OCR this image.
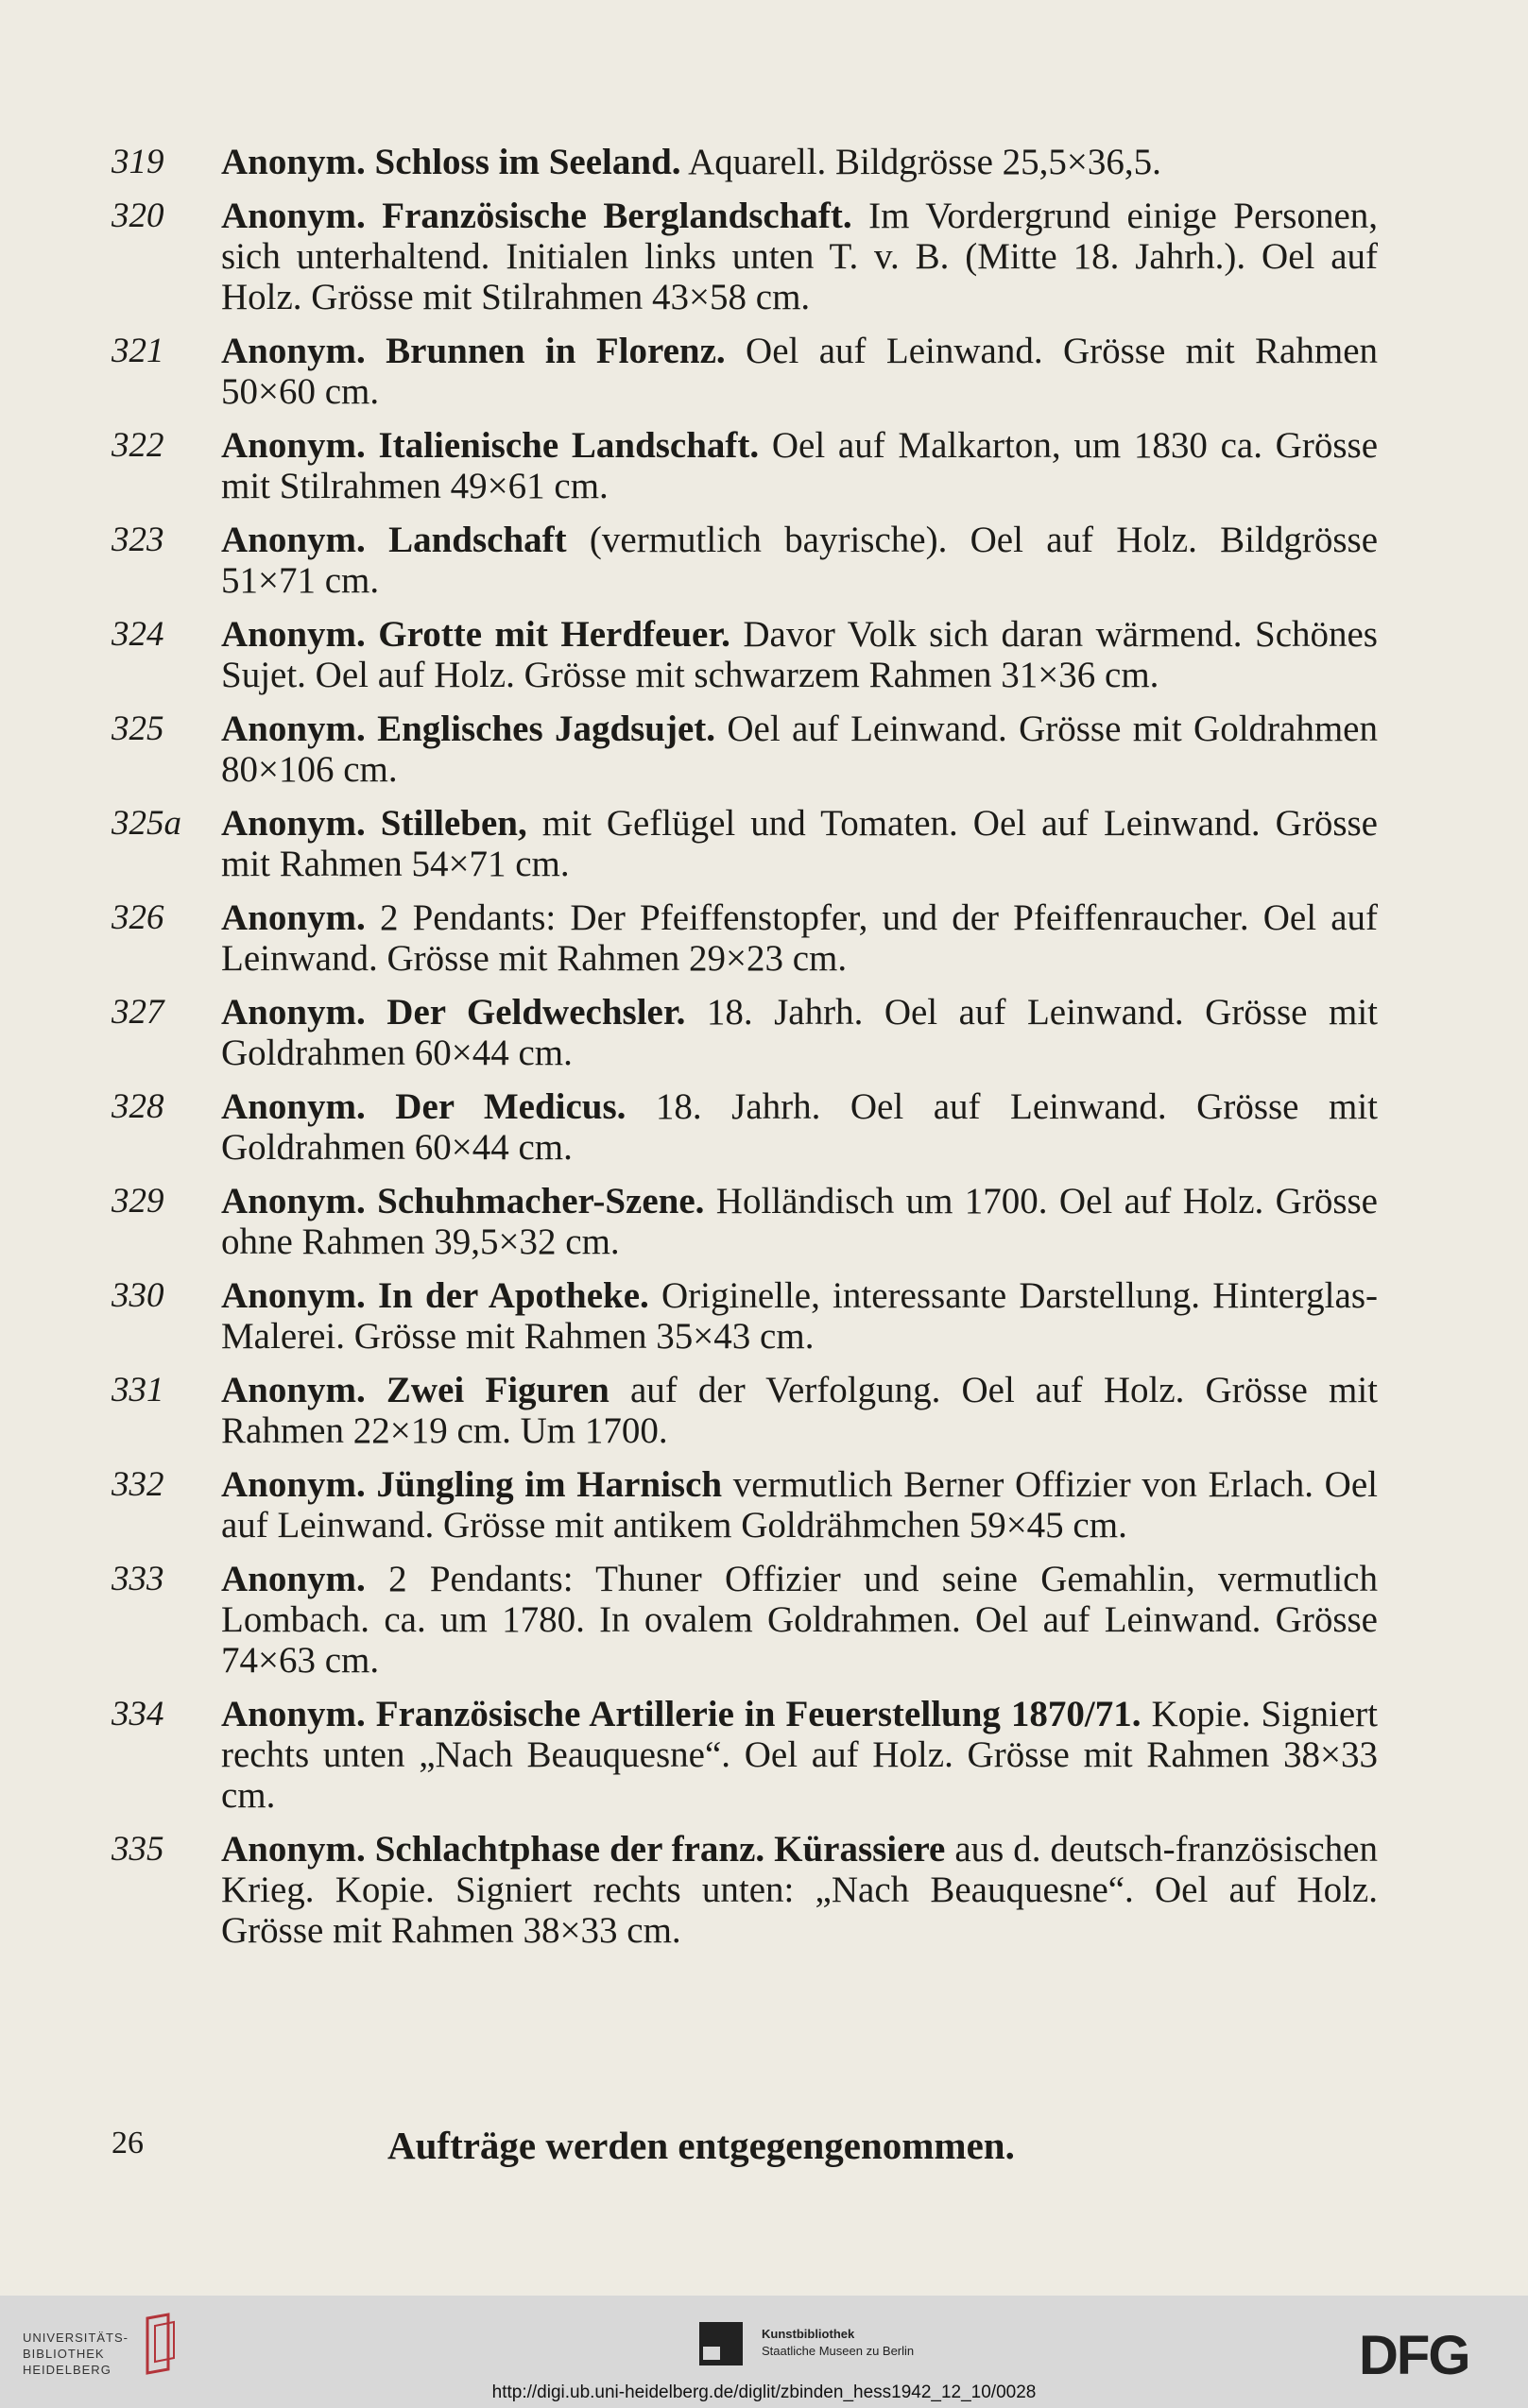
319	Anonym. Schloss im Seeland. Aquarell. Bildgrösse 25,5×36,5.
320	Anonym. Französische Berglandschaft. Im Vordergrund einige Personen, sich unterhaltend. Initialen links unten T. v. B. (Mitte 18. Jahrh.). Oel auf Holz. Grösse mit Stilrahmen 43×58 cm.
321	Anonym. Brunnen in Florenz. Oel auf Leinwand. Grösse mit Rahmen 50×60 cm.
322	Anonym. Italienische Landschaft. Oel auf Malkarton, um 1830 ca. Grösse mit Stilrahmen 49×61 cm.
323	Anonym. Landschaft (vermutlich bayrische). Oel auf Holz. Bildgrösse 51×71 cm.
324	Anonym. Grotte mit Herdfeuer. Davor Volk sich daran wärmend. Schönes Sujet. Oel auf Holz. Grösse mit schwarzem Rahmen 31×36 cm.
325	Anonym. Englisches Jagdsujet. Oel auf Leinwand. Grösse mit Goldrahmen 80×106 cm.
325a	Anonym. Stilleben, mit Geflügel und Tomaten. Oel auf Leinwand. Grösse mit Rahmen 54×71 cm.
326	Anonym. 2 Pendants: Der Pfeiffenstopfer, und der Pfeiffenraucher. Oel auf Leinwand. Grösse mit Rahmen 29×23 cm.
327	Anonym. Der Geldwechsler. 18. Jahrh. Oel auf Leinwand. Grösse mit Goldrahmen 60×44 cm.
328	Anonym. Der Medicus. 18. Jahrh. Oel auf Leinwand. Grösse mit Goldrahmen 60×44 cm.
329	Anonym. Schuhmacher-Szene. Holländisch um 1700. Oel auf Holz. Grösse ohne Rahmen 39,5×32 cm.
330	Anonym. In der Apotheke. Originelle, interessante Darstellung. Hinterglas-Malerei. Grösse mit Rahmen 35×43 cm.
331	Anonym. Zwei Figuren auf der Verfolgung. Oel auf Holz. Grösse mit Rahmen 22×19 cm. Um 1700.
332	Anonym. Jüngling im Harnisch vermutlich Berner Offizier von Erlach. Oel auf Leinwand. Grösse mit antikem Goldrähmchen 59×45 cm.
333	Anonym. 2 Pendants: Thuner Offizier und seine Gemahlin, vermutlich Lombach. ca. um 1780. In ovalem Goldrahmen. Oel auf Leinwand. Grösse 74×63 cm.
334	Anonym. Französische Artillerie in Feuerstellung 1870/71. Kopie. Signiert rechts unten „Nach Beauquesne“. Oel auf Holz. Grösse mit Rahmen 38×33 cm.
335	Anonym. Schlachtphase der franz. Kürassiere aus d. deutsch-französischen Krieg. Kopie. Signiert rechts unten: „Nach Beauquesne“. Oel auf Holz. Grösse mit Rahmen 38×33 cm.
26	Aufträge werden entgegengenommen.
UNIVERSITÄTS-
BIBLIOTHEK
HEIDELBERG
Kunstbibliothek
Staatliche Museen zu Berlin	DFG
http://digi.ub.uni-heidelberg.de/diglit/zbinden_hess1942_12_10/0028
